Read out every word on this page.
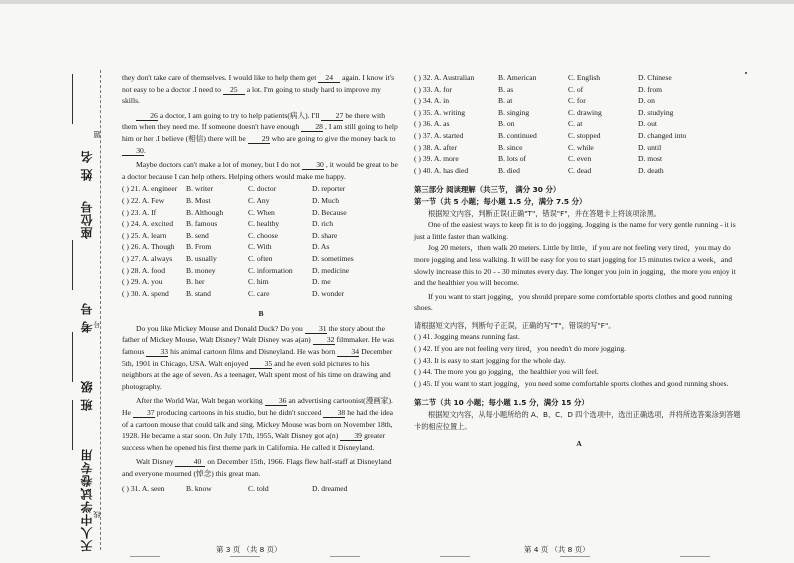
天人中学试卷专用
班 级
考 号
座位号
姓 名
题
号
线

they don't take care of themselves. I would like to help them get 24 again. I know it's not easy to be a doctor .I need to 25 a lot. I'm going to study hard to improve my skills.

26 a doctor, I am going to try to help patients(病人). I'll 27 be there with them when they need me. If someone doesn't have enough 28 , I am still going to help him or her .I believe (相信) there will be 29 who are going to give the money back to 30.

Maybe doctors can't make a lot of money, but I do not 30 , it would be great to be a doctor because I can help others. Helping others would make me happy.

( ) 21. A. engineer	B. writer	C. doctor	D. reporter
( ) 22. A. Few	B. Most	C. Any	D. Much
( ) 23. A. If	B. Although	C. When	D. Because
( ) 24. A. excited	B. famous	C. healthy	D. rich
( ) 25. A. learn	B. send	C. choose	D. share
( ) 26. A. Though	B. From	C. With	D. As
( ) 27. A. always	B. usually	C. often	D. sometimes
( ) 28. A. food	B. money	C. information	D. medicine
( ) 29. A. you	B. her	C. him	D. me
( ) 30. A. spend	B. stand	C. care	D. wonder
B

Do you like Mickey Mouse and Donald Duck? Do you 31 the story about the father of Mickey Mouse, Walt Disney? Walt Disney was a(an) 32 filmmaker. He was famous 33 his animal cartoon films and Disneyland. He was born 34 December 5th, 1901 in Chicago, USA. Walt enjoyed 35 and he even sold pictures to his neighbors at the age of seven. As a teenager, Walt spent most of his time on drawing and photography.

After the World War, Walt began working 36 an advertising cartoonist(漫画家). He 37 producing cartoons in his studio, but he didn't succeed 38 he had the idea of a cartoon mouse that could talk and sing. Mickey Mouse was born on November 18th, 1928. He became a star soon. On July 17th, 1955, Walt Disney got a(n) 39 greater success when he opened his first theme park in California. He called it Disneyland.

Walt Disney 40 on December 15th, 1966. Flags flew half-staff at Disneyland and everyone mourned (悼念) this great man.

( ) 31. A. seen	B. know	C. told	D. dreamed
第 3 页 （共 8 页）
( ) 32. A. Australian	B. American	C. English	D. Chinese
( ) 33. A. for	B. as	C. of	D. from
( ) 34. A. in	B. at	C. for	D. on
( ) 35. A. writing	B. singing	C. drawing	D. studying
( ) 36. A. as	B. on	C. at	D. out
( ) 37. A. started	B. continued	C. stopped	D. changed into
( ) 38. A. after	B. since	C. while	D. until
( ) 39. A. more	B. lots of	C. even	D. most
( ) 40. A. has died	B. died	C. dead	D. death
第三部分 阅读理解（共三节， 满分 30 分）
第一节（共 5 小题；每小题 1.5 分，满分 7.5 分）

根据短文内容，判断正误(正确"T"，错误"F"，并在答题卡上将该项涂黑。

One of the easiest ways to keep fit is to do jogging. Jogging is the name for very gentle running - it is just a little faster than walking.

Jog 20 meters，then walk 20 meters. Little by little，if you are not feeling very tired，you may do more jogging and less walking. It will be easy for you to start jogging for 15 minutes twice a week，and slowly increase this to 20 - - 30 minutes every day. The longer you join in jogging，the more you enjoy it and the healthier you will become.

If you want to start jogging，you should prepare some comfortable sports clothes and good running shoes.

请根据短文内容，判断句子正误，正确的写"T"，错误的写"F"。

( ) 41. Jogging means running fast.

( ) 42. If you are not feeling very tired，you needn't do more jogging.

( ) 43. It is easy to start jogging for the whole day.

( ) 44. The more you go jogging，the healthier you will feel.

( ) 45. If you want to start jogging，you need some comfortable sports clothes and good running shoes.

第二节（共 10 小题；每小题 1.5 分，满分 15 分）

根据短文内容，从每小题所给的 A、B、C、D 四个选项中，选出正确选项，并将所选答案涂到答题卡的相应位置上。

A
第 4 页 （共 8 页）
